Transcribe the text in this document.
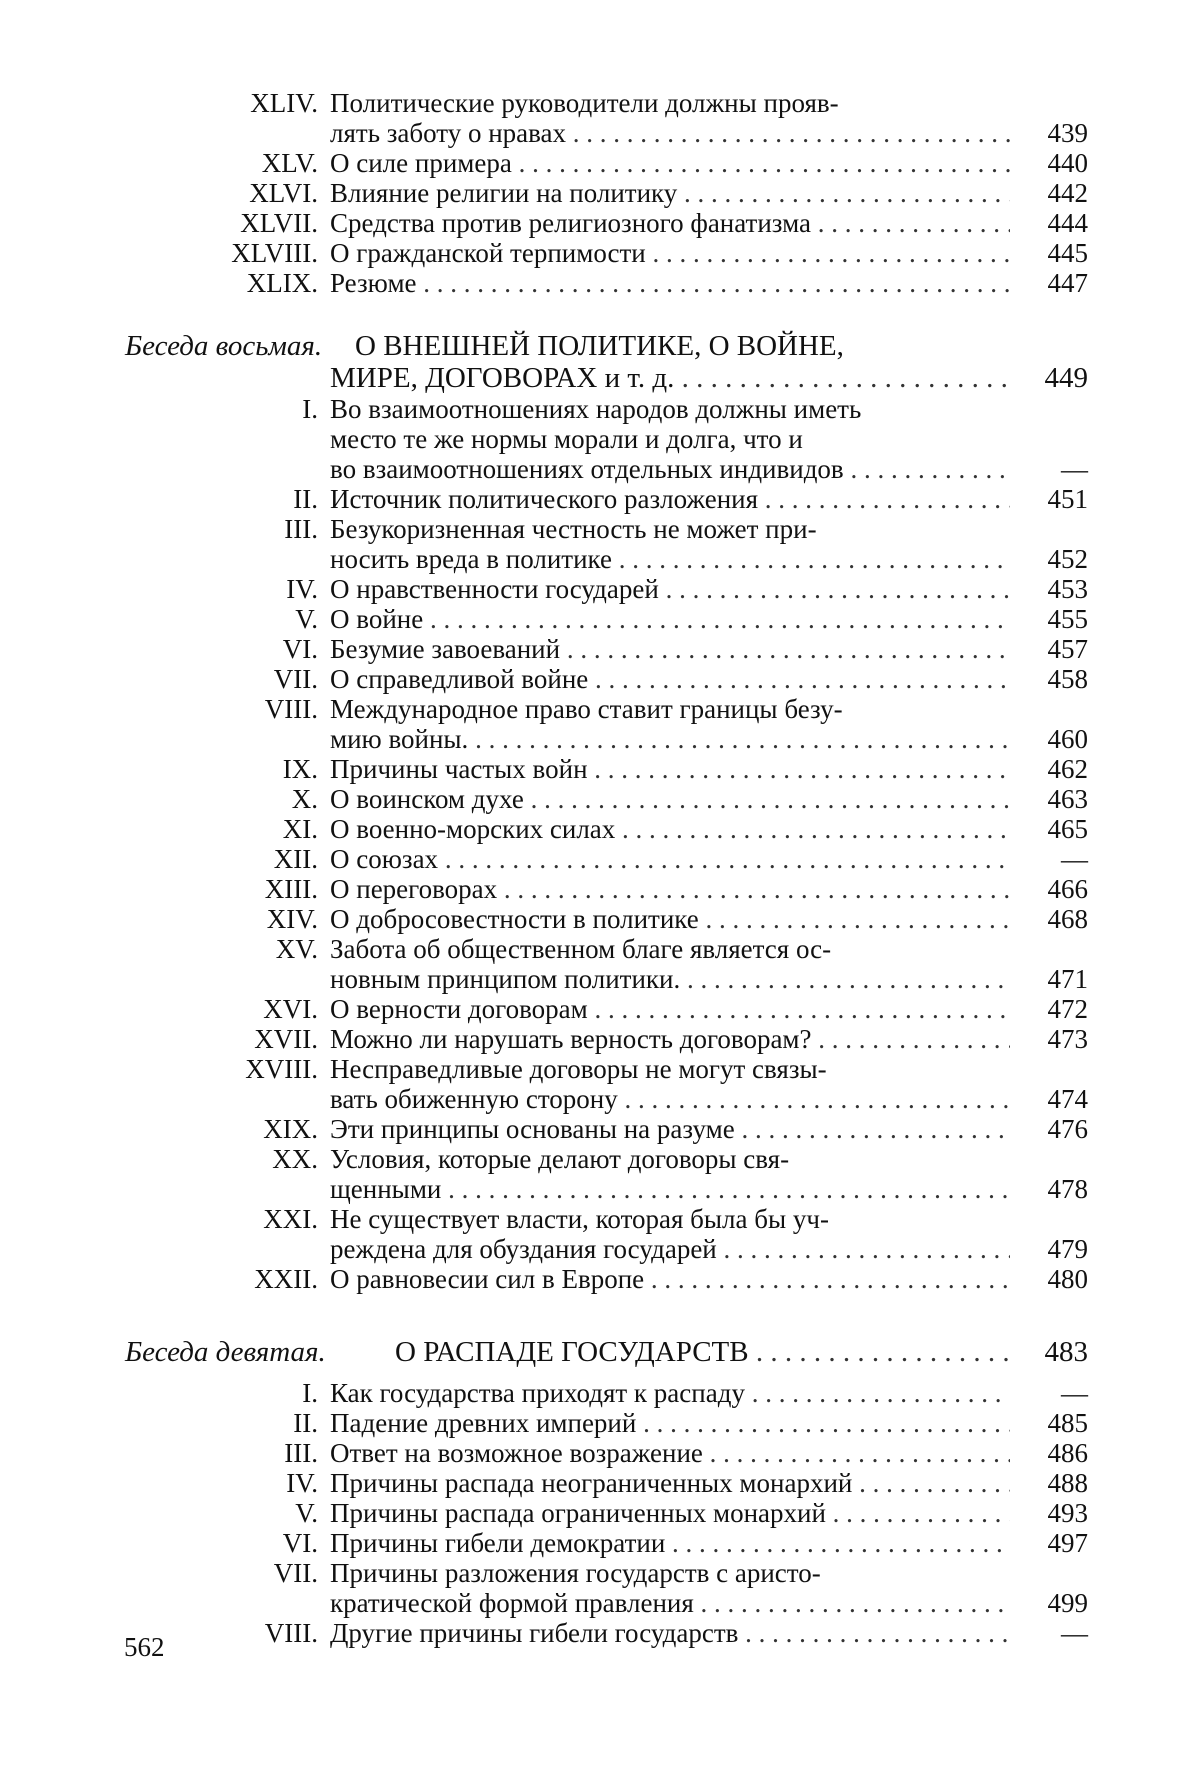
XLIV. Политические руководители должны прояв-
лять заботу о нравах . . .	439
XLV. О силе примера . . .	440
XLVI. Влияние религии на политику . . .	442
XLVII. Средства против религиозного фанатизма . . .	444
XLVIII. О гражданской терпимости . . .	445
XLIX. Резюме . . .	447
Беседа восьмая. О ВНЕШНЕЙ ПОЛИТИКЕ, О ВОЙНЕ,
МИРЕ, ДОГОВОРАХ и т. д. . . .	449
I. Во взаимоотношениях народов должны иметь
место те же нормы морали и долга, что и
во взаимоотношениях отдельных индивидов . . .	—
II. Источник политического разложения . . .	451
III. Безукоризненная честность не может при-
носить вреда в политике . . .	452
IV. О нравственности государей . . .	453
V. О войне . . .	455
VI. Безумие завоеваний . . .	457
VII. О справедливой войне . . .	458
VIII. Международное право ставит границы безу-
мию войны. . . .	460
IX. Причины частых войн . . .	462
X. О воинском духе . . .	463
XI. О военно-морских силах . . .	465
XII. О союзах . . .	—
XIII. О переговорах . . .	466
XIV. О добросовестности в политике . . .	468
XV. Забота об общественном благе является ос-
новным принципом политики. . . .	471
XVI. О верности договорам . . .	472
XVII. Можно ли нарушать верность договорам? . . .	473
XVIII. Несправедливые договоры не могут связы-
вать обиженную сторону . . .	474
XIX. Эти принципы основаны на разуме . . .	476
XX. Условия, которые делают договоры свя-
щенными . . .	478
XXI. Не существует власти, которая была бы уч-
реждена для обуздания государей . . .	479
XXII. О равновесии сил в Европе . . .	480
Беседа девятая. О РАСПАДЕ ГОСУДАРСТВ . . .	483
I. Как государства приходят к распаду . . .	—
II. Падение древних империй . . .	485
III. Ответ на возможное возражение . . .	486
IV. Причины распада неограниченных монархий . . .	488
V. Причины распада ограниченных монархий . . .	493
VI. Причины гибели демократии . . .	497
VII. Причины разложения государств с аристо-
кратической формой правления . . .	499
VIII. Другие причины гибели государств . . .	—
562
